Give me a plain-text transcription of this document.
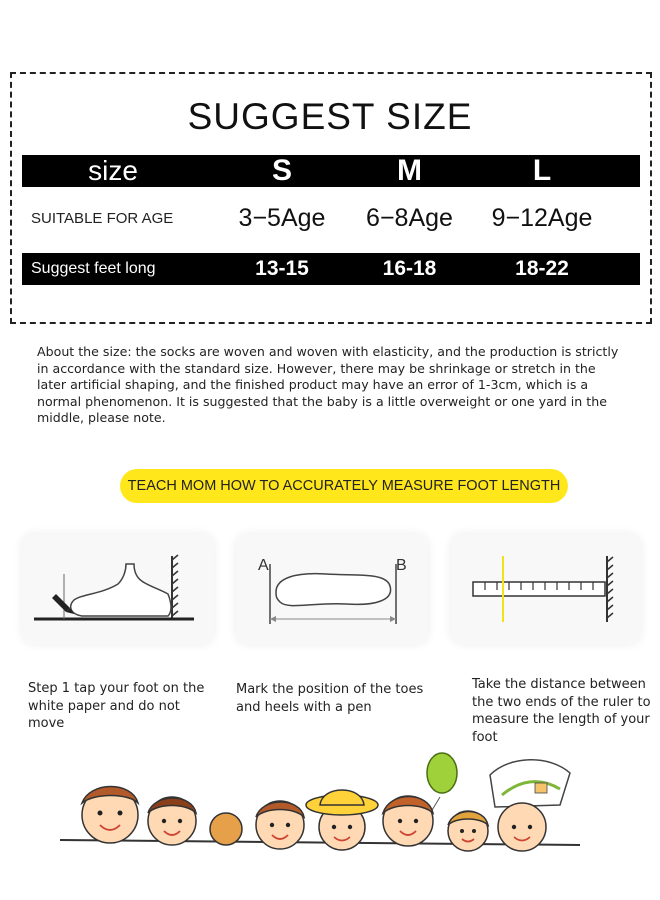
SUGGEST SIZE
size	S	M	L
SUITABLE FOR AGE	3−5Age	6−8Age	9−12Age
Suggest feet long	13-15	16-18	18-22
About the size: the socks are woven and woven with elasticity, and the production is strictly in accordance with the standard size. However, there may be shrinkage or stretch in the later artificial shaping, and the finished product may have an error of 1-3cm, which is a normal phenomenon. It is suggested that the baby is a little overweight or one yard in the middle, please note.
TEACH MOM HOW TO ACCURATELY MEASURE FOOT LENGTH
A	B
Step 1 tap your foot on the white paper and do not move
Mark the position of the toes and heels with a pen
Take the distance between the two ends of the ruler to measure the length of your foot
